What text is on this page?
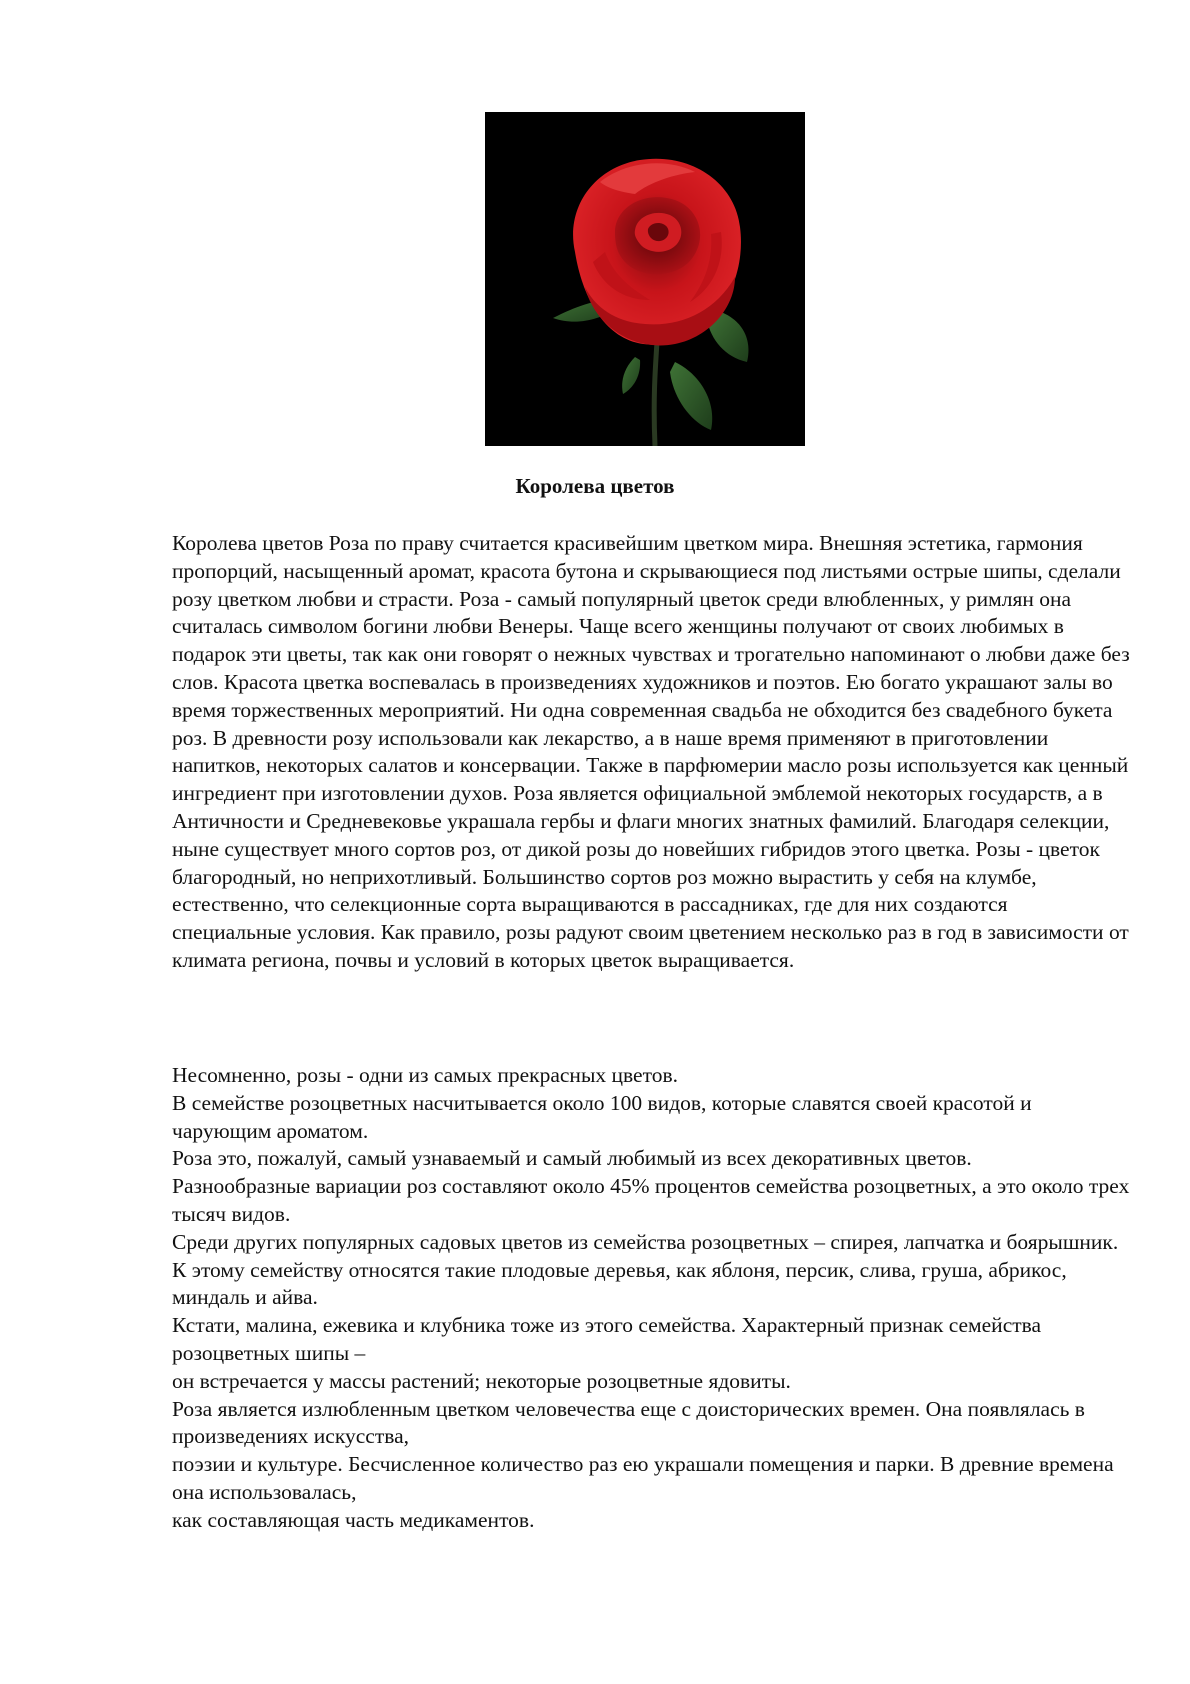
Королева цветов

Королева цветов Роза по праву считается красивейшим цветком мира. Внешняя эстетика, гармония пропорций, насыщенный аромат, красота бутона и скрывающиеся под листьями острые шипы, сделали розу цветком любви и страсти. Роза - самый популярный цветок среди влюбленных, у римлян она считалась символом богини любви Венеры. Чаще всего женщины получают от своих любимых в подарок эти цветы, так как они говорят о нежных чувствах и трогательно напоминают о любви даже без слов. Красота цветка воспевалась в произведениях художников и поэтов. Ею богато украшают залы во время торжественных мероприятий. Ни одна современная свадьба не обходится без свадебного букета роз. В древности розу использовали как лекарство, а в наше время применяют в приготовлении напитков, некоторых салатов и консервации. Также в парфюмерии масло розы используется как ценный ингредиент при изготовлении духов. Роза является официальной эмблемой некоторых государств, а в Античности и Средневековье украшала гербы и флаги многих знатных фамилий. Благодаря селекции, ныне существует много сортов роз, от дикой розы до новейших гибридов этого цветка. Розы - цветок благородный, но неприхотливый. Большинство сортов роз можно вырастить у себя на клумбе, естественно, что селекционные сорта выращиваются в рассадниках, где для них создаются специальные условия. Как правило, розы радуют своим цветением несколько раз в год в зависимости от климата региона, почвы и условий в которых цветок выращивается.

Несомненно, розы - одни из самых прекрасных цветов.

В семействе розоцветных насчитывается около 100 видов, которые славятся своей красотой и чарующим ароматом.

Роза это, пожалуй, самый узнаваемый и самый любимый из всех декоративных цветов.

Разнообразные вариации роз составляют около 45% процентов семейства розоцветных, а это около трех тысяч видов.

Среди других популярных садовых цветов из семейства розоцветных – спирея, лапчатка и боярышник.

К этому семейству относятся такие плодовые деревья, как яблоня, персик, слива, груша, абрикос, миндаль и айва.

Кстати, малина, ежевика и клубника тоже из этого семейства. Характерный признак семейства розоцветных шипы –

он встречается у массы растений; некоторые розоцветные ядовиты.

Роза является излюбленным цветком человечества еще с доисторических времен. Она появлялась в произведениях искусства,

поэзии и культуре. Бесчисленное количество раз ею украшали помещения и парки. В древние времена она использовалась,

как составляющая часть медикаментов.
